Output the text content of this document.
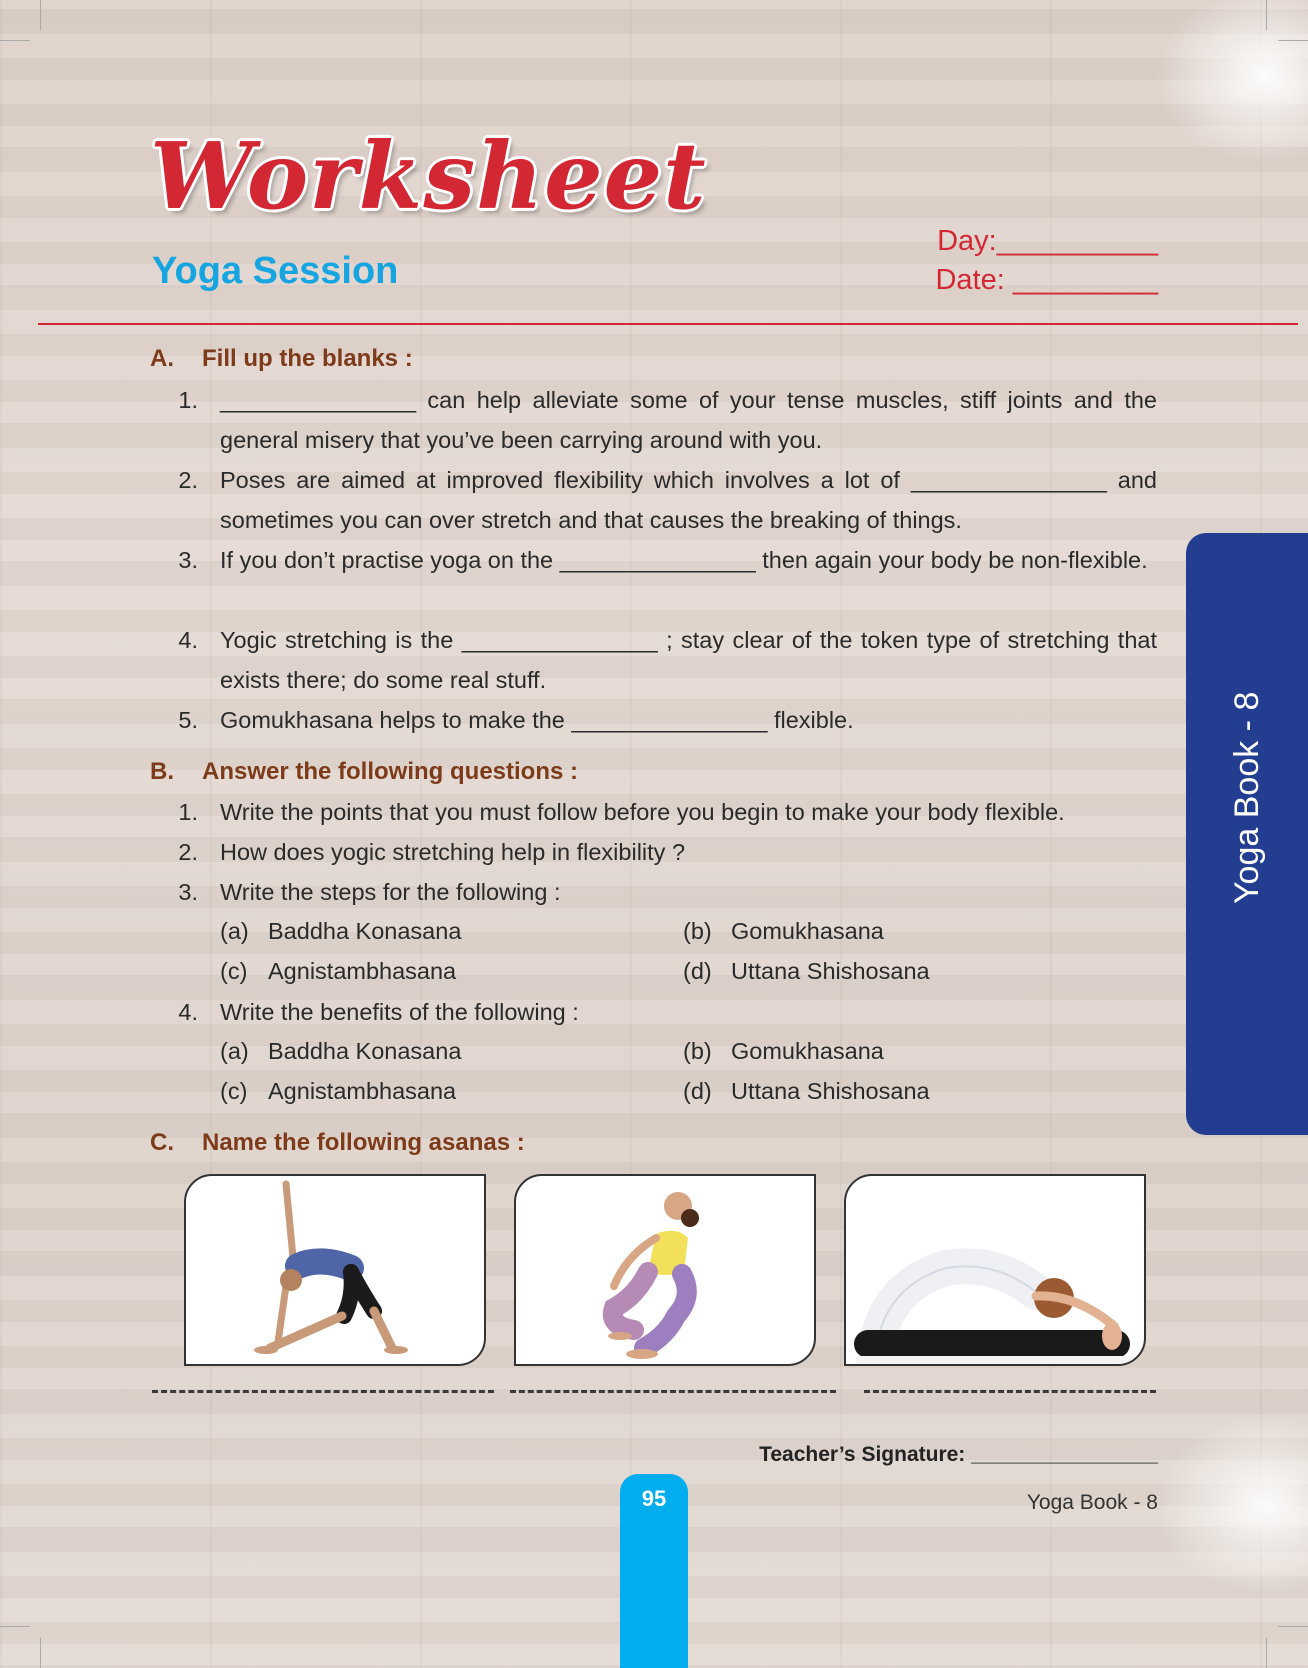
Worksheet
Yoga Session
Day:__________
Date: _________
A. Fill up the blanks :
1. _______________ can help alleviate some of your tense muscles, stiff joints and the general misery that you’ve been carrying around with you.
2. Poses are aimed at improved flexibility which involves a lot of _______________ and sometimes you can over stretch and that causes the breaking of things.
3. If you don’t practise yoga on the _______________ then again your body be non-flexible.
4. Yogic stretching is the _______________ ; stay clear of the token type of stretching that exists there; do some real stuff.
5. Gomukhasana helps to make the _______________ flexible.
B. Answer the following questions :
1. Write the points that you must follow before you begin to make your body flexible.
2. How does yogic stretching help in flexibility ?
3. Write the steps for the following :
(a) Baddha Konasana	(b) Gomukhasana
(c) Agnistambhasana	(d) Uttana Shishosana
4. Write the benefits of the following :
(a) Baddha Konasana	(b) Gomukhasana
(c) Agnistambhasana	(d) Uttana Shishosana
C. Name the following asanas :
Teacher’s Signature: ________________
95	Yoga Book - 8
Yoga Book - 8
